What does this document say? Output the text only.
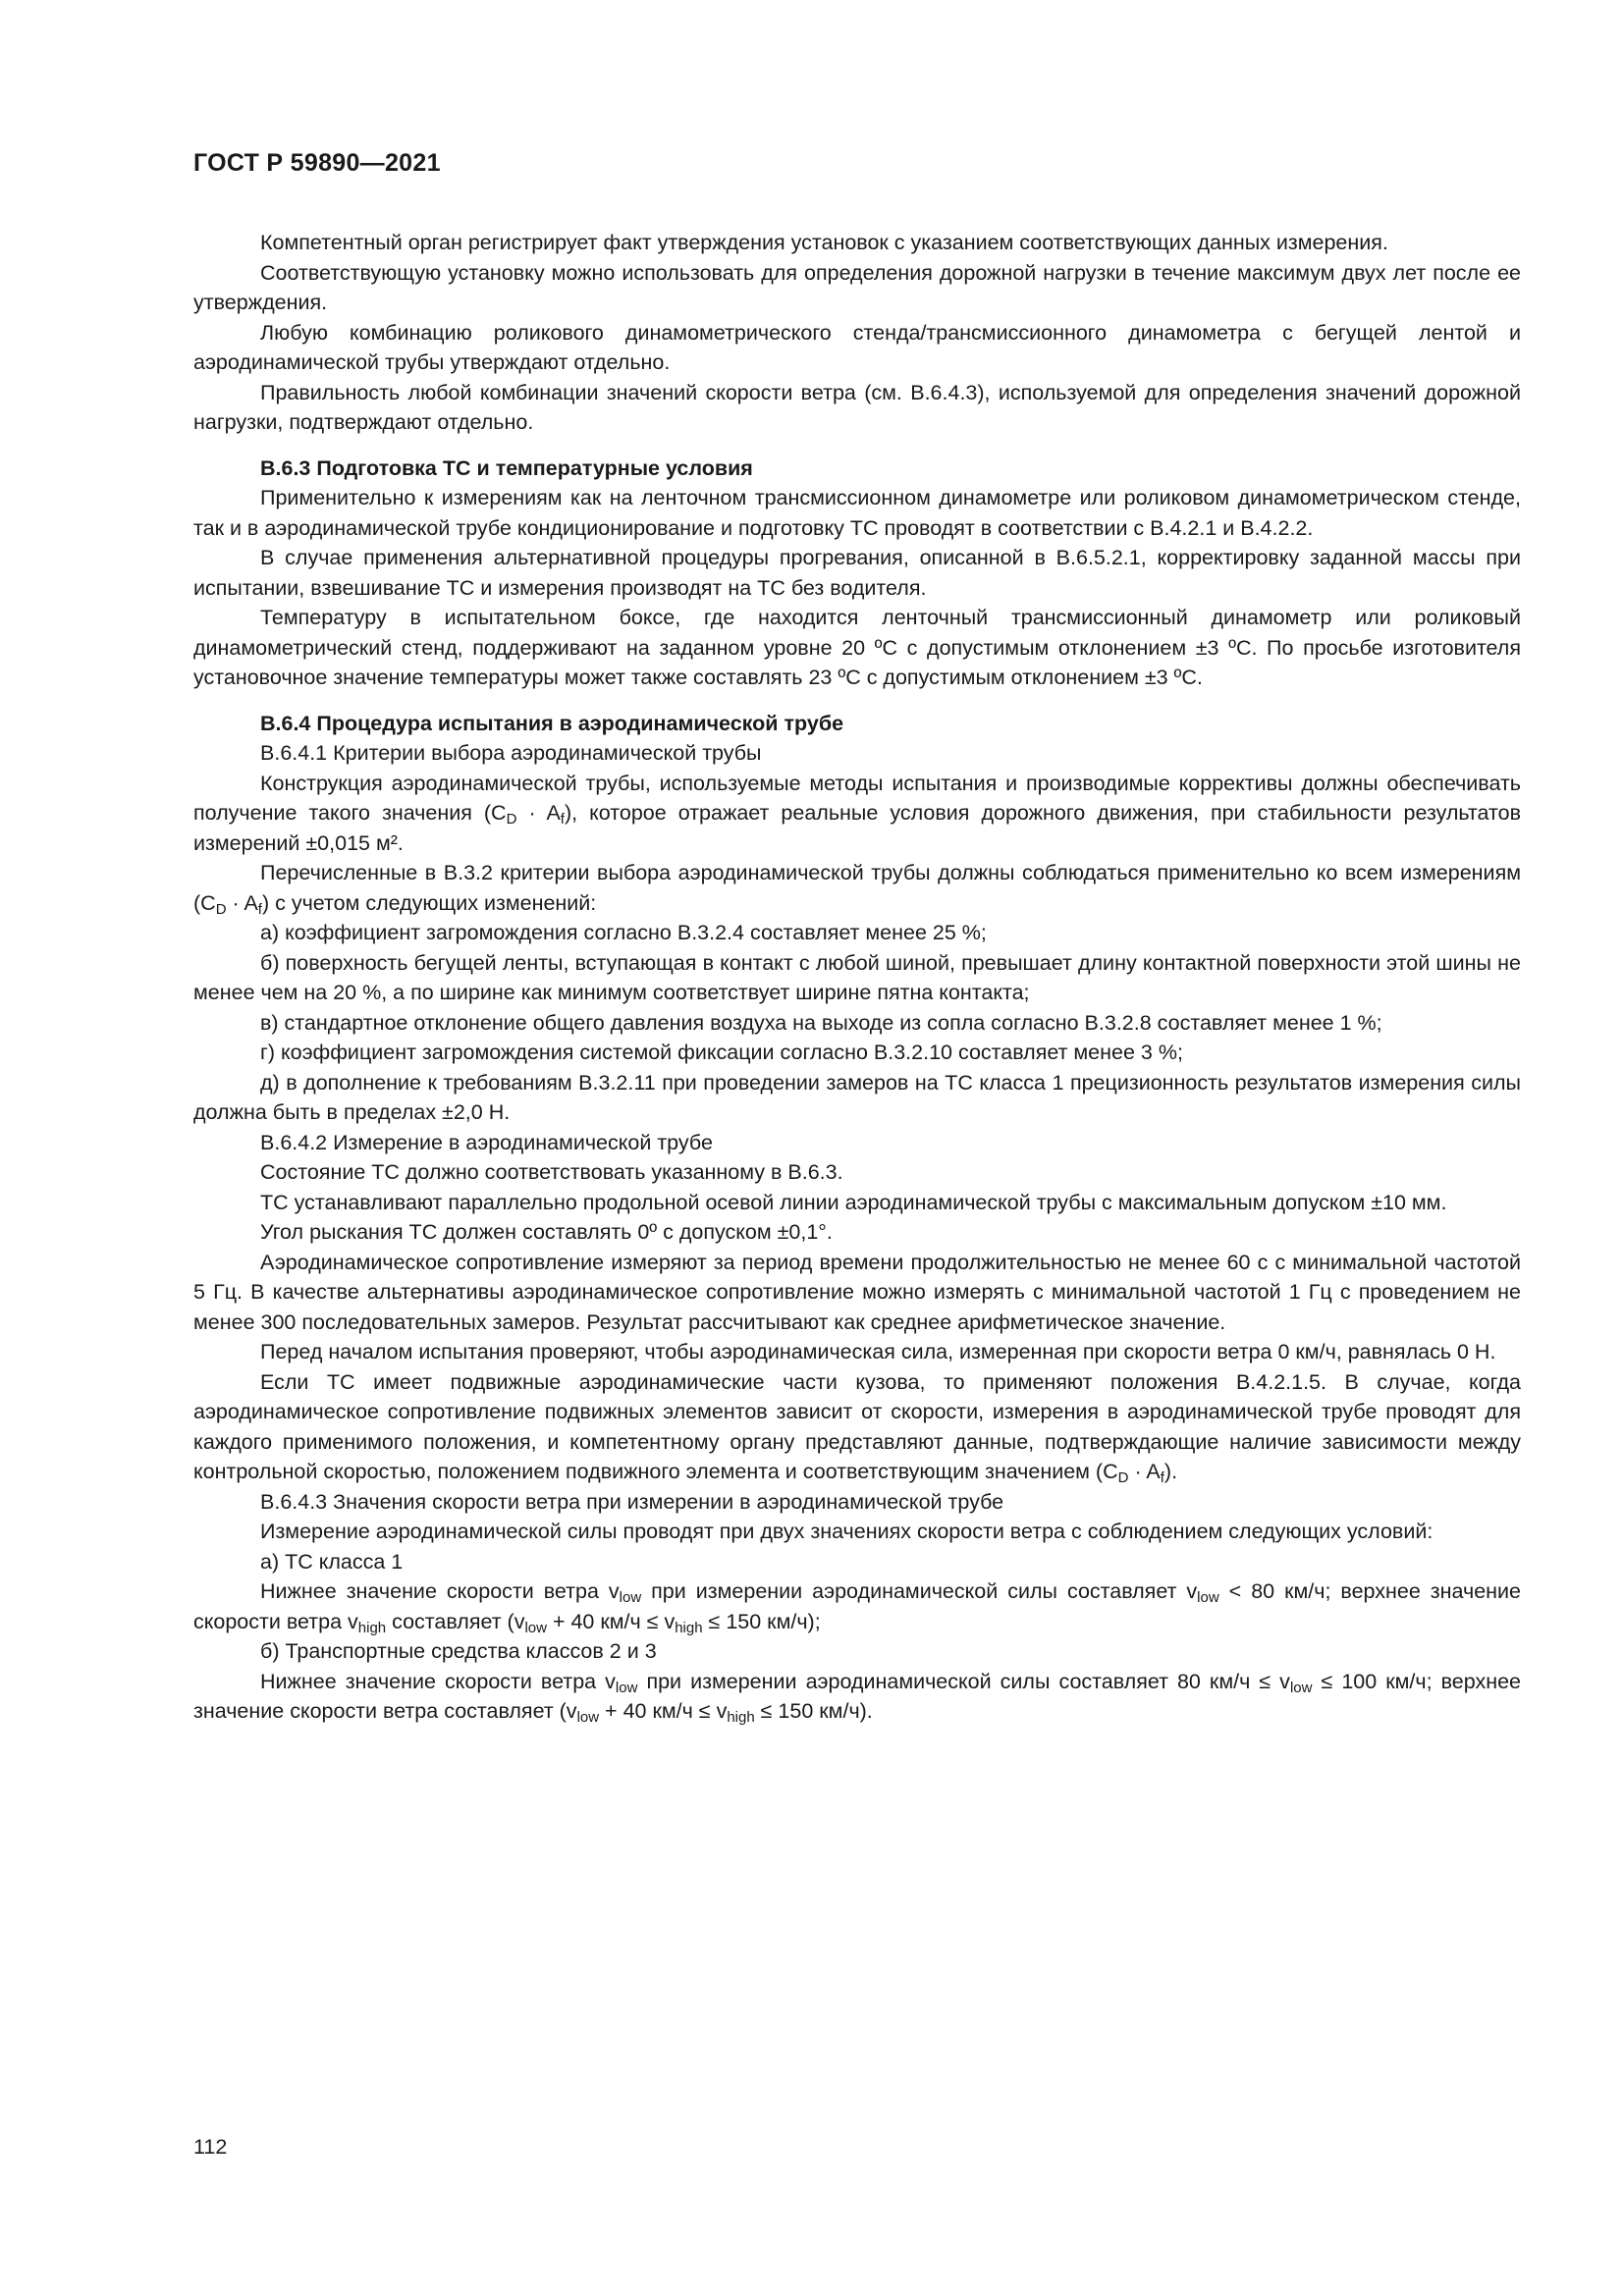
ГОСТ Р 59890—2021

Компетентный орган регистрирует факт утверждения установок с указанием соответствующих данных измерения.

Соответствующую установку можно использовать для определения дорожной нагрузки в течение максимум двух лет после ее утверждения.

Любую комбинацию роликового динамометрического стенда/трансмиссионного динамометра с бегущей лентой и аэродинамической трубы утверждают отдельно.

Правильность любой комбинации значений скорости ветра (см. В.6.4.3), используемой для определения значений дорожной нагрузки, подтверждают отдельно.

В.6.3 Подготовка ТС и температурные условия

Применительно к измерениям как на ленточном трансмиссионном динамометре или роликовом динамометрическом стенде, так и в аэродинамической трубе кондиционирование и подготовку ТС проводят в соответствии с В.4.2.1 и В.4.2.2.

В случае применения альтернативной процедуры прогревания, описанной в В.6.5.2.1, корректировку заданной массы при испытании, взвешивание ТС и измерения производят на ТС без водителя.

Температуру в испытательном боксе, где находится ленточный трансмиссионный динамометр или роликовый динамометрический стенд, поддерживают на заданном уровне 20 ºС с допустимым отклонением ±3 ºС. По просьбе изготовителя установочное значение температуры может также составлять 23 ºС с допустимым отклонением ±3 ºС.

В.6.4 Процедура испытания в аэродинамической трубе

В.6.4.1 Критерии выбора аэродинамической трубы

Конструкция аэродинамической трубы, используемые методы испытания и производимые коррективы должны обеспечивать получение такого значения $(C_D \cdot A_f)$, которое отражает реальные условия дорожного движения, при стабильности результатов измерений ±0,015 м².

Перечисленные в В.3.2 критерии выбора аэродинамической трубы должны соблюдаться применительно ко всем измерениям $(C_D \cdot A_f)$ с учетом следующих изменений:

а) коэффициент загромождения согласно В.3.2.4 составляет менее 25 %;

б) поверхность бегущей ленты, вступающая в контакт с любой шиной, превышает длину контактной поверхности этой шины не менее чем на 20 %, а по ширине как минимум соответствует ширине пятна контакта;

в) стандартное отклонение общего давления воздуха на выходе из сопла согласно В.3.2.8 составляет менее 1 %;

г) коэффициент загромождения системой фиксации согласно В.3.2.10 составляет менее 3 %;

д) в дополнение к требованиям В.3.2.11 при проведении замеров на ТС класса 1 прецизионность результатов измерения силы должна быть в пределах ±2,0 Н.

В.6.4.2 Измерение в аэродинамической трубе

Состояние ТС должно соответствовать указанному в В.6.3.

ТС устанавливают параллельно продольной осевой линии аэродинамической трубы с максимальным допуском ±10 мм.

Угол рыскания ТС должен составлять 0º с допуском ±0,1°.

Аэродинамическое сопротивление измеряют за период времени продолжительностью не менее 60 с с минимальной частотой 5 Гц. В качестве альтернативы аэродинамическое сопротивление можно измерять с минимальной частотой 1 Гц с проведением не менее 300 последовательных замеров. Результат рассчитывают как среднее арифметическое значение.

Перед началом испытания проверяют, чтобы аэродинамическая сила, измеренная при скорости ветра 0 км/ч, равнялась 0 Н.

Если ТС имеет подвижные аэродинамические части кузова, то применяют положения В.4.2.1.5. В случае, когда аэродинамическое сопротивление подвижных элементов зависит от скорости, измерения в аэродинамической трубе проводят для каждого применимого положения, и компетентному органу представляют данные, подтверждающие наличие зависимости между контрольной скоростью, положением подвижного элемента и соответствующим значением $(C_D \cdot A_f)$.

В.6.4.3 Значения скорости ветра при измерении в аэродинамической трубе

Измерение аэродинамической силы проводят при двух значениях скорости ветра с соблюдением следующих условий:

а) ТС класса 1

Нижнее значение скорости ветра $v_{low}$ при измерении аэродинамической силы составляет $v_{low} < 80$ км/ч; верхнее значение скорости ветра $v_{high}$ составляет ($v_{low} + 40$ $км/ч \le v_{high} \le 150$ км/ч);

б) Транспортные средства классов 2 и 3

Нижнее значение скорости ветра $v_{low}$ при измерении аэродинамической силы составляет 80 $км/ч \le v_{low} \le 100$ км/ч; верхнее значение скорости ветра составляет ($v_{low} + 40$ $км/ч \le v_{high} \le 150$ км/ч).

112
